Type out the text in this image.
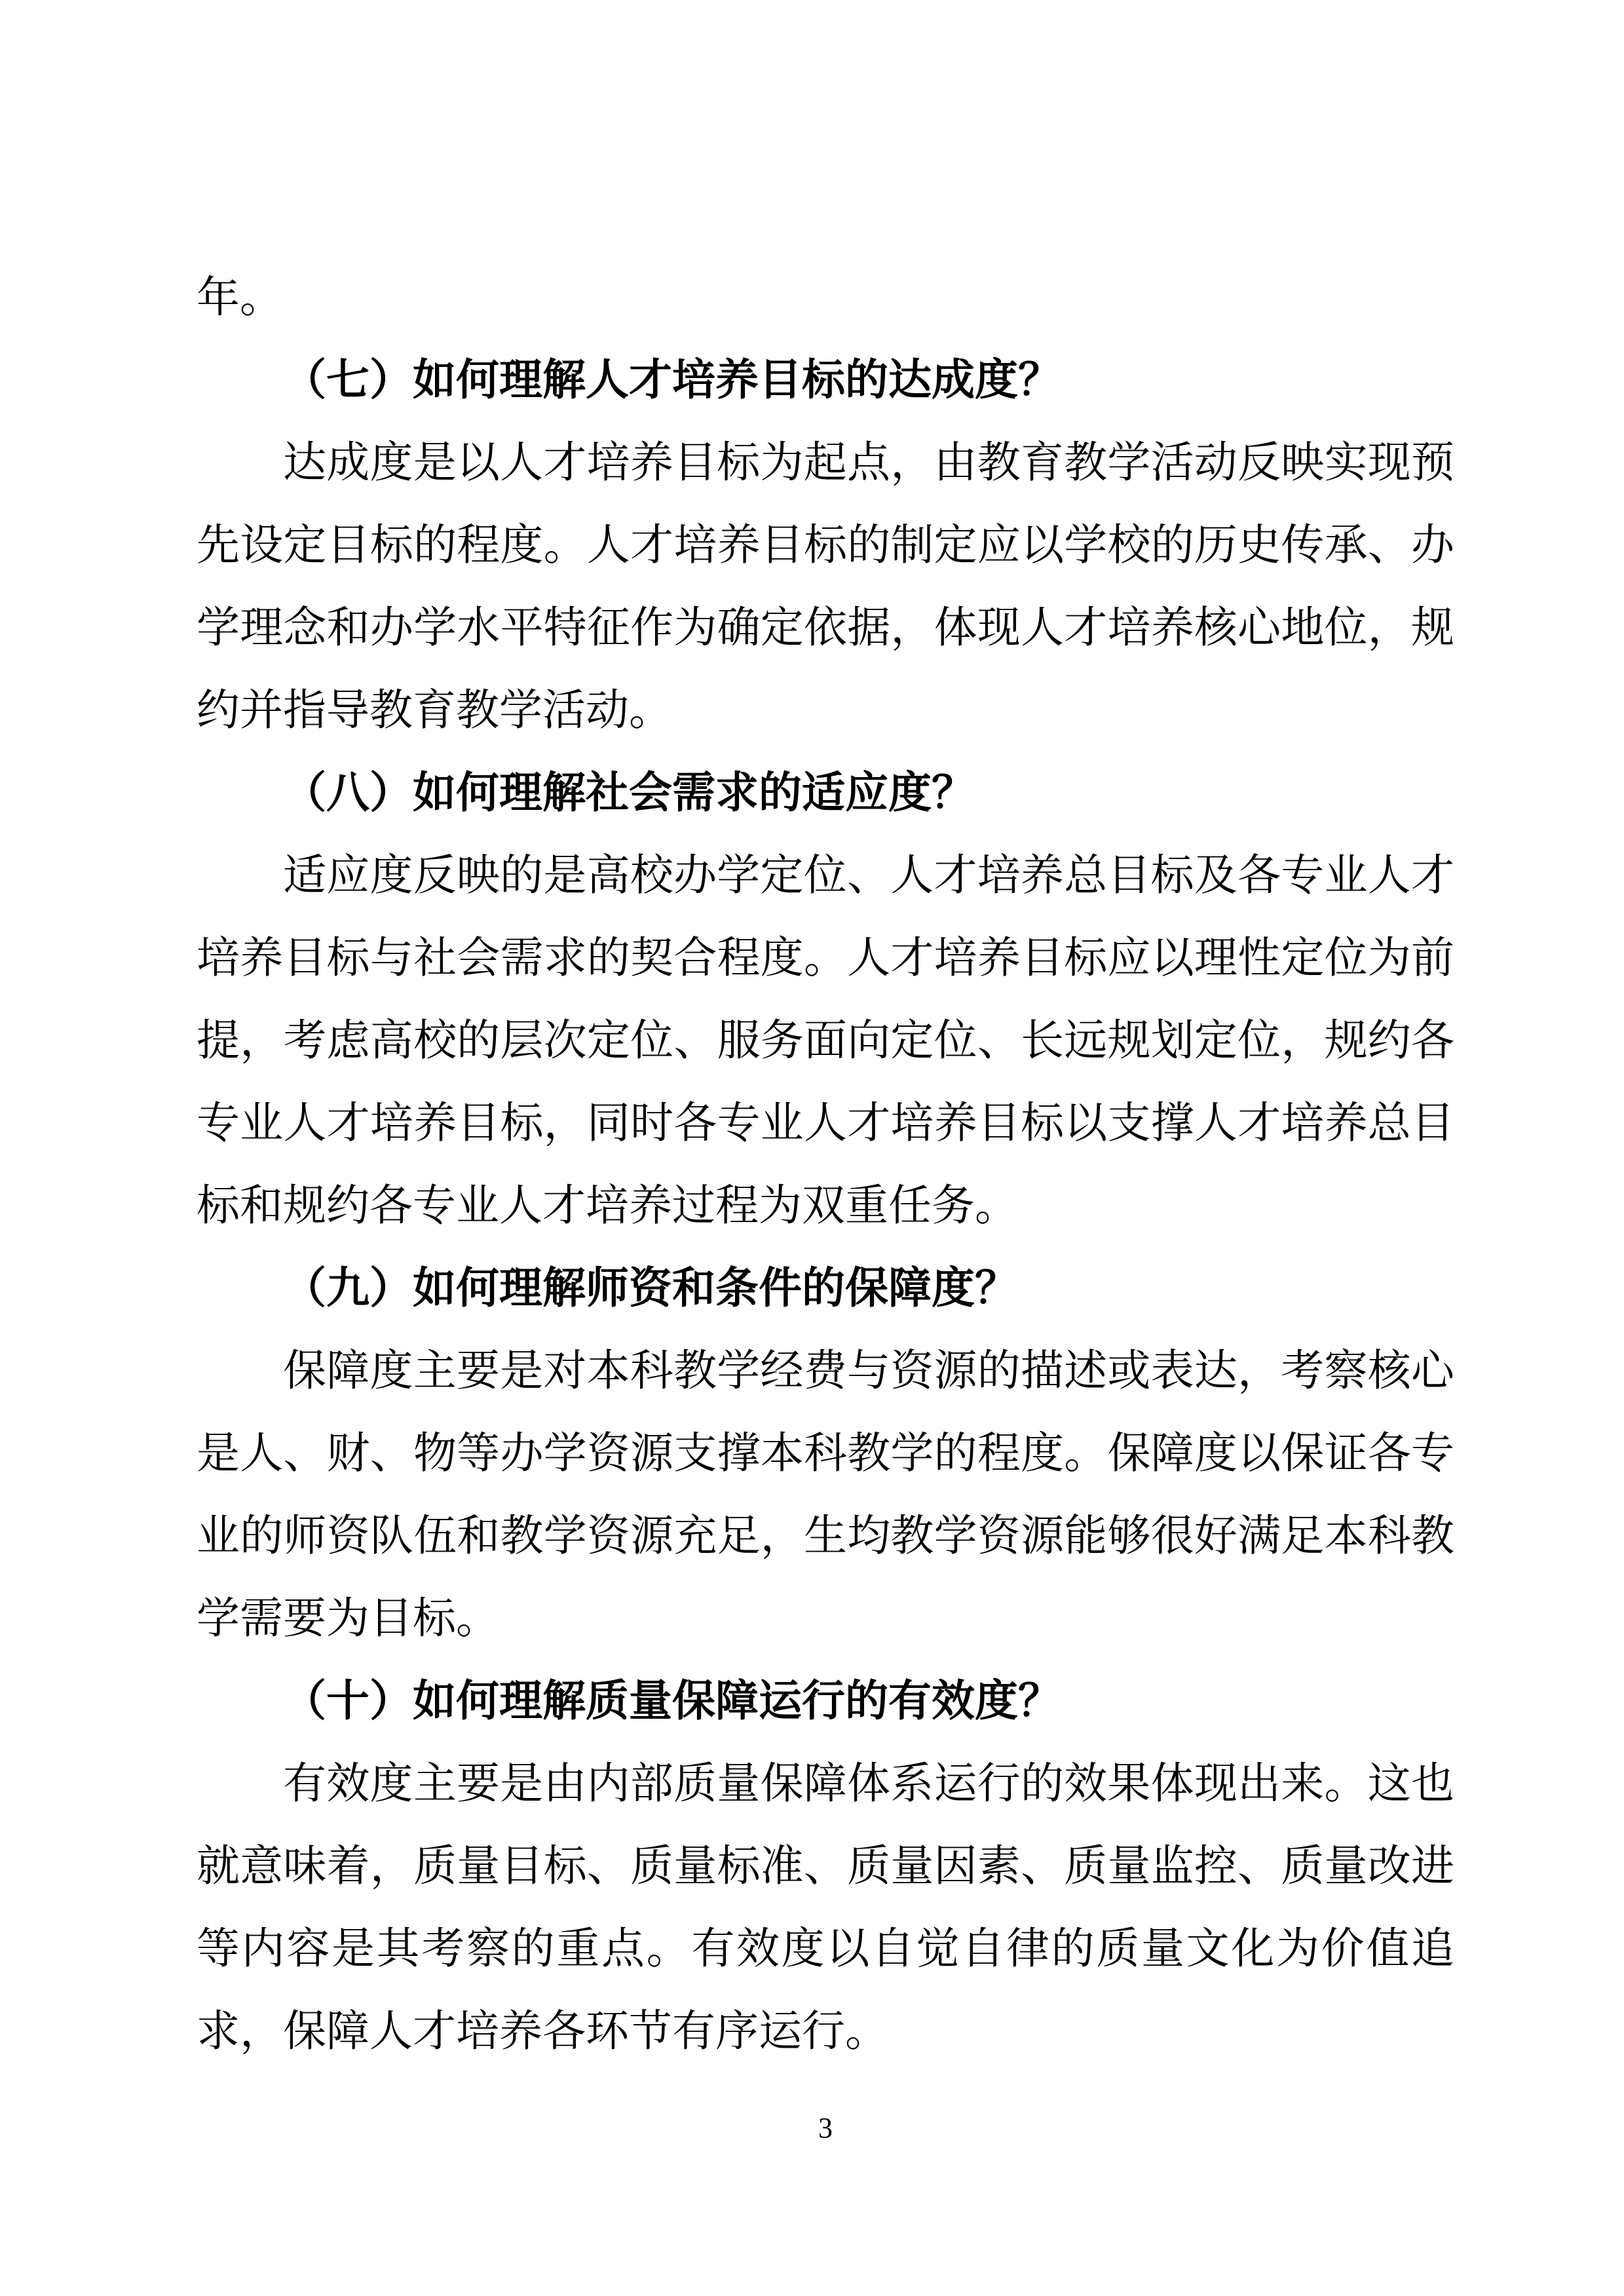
年。

（七）如何理解人才培养目标的达成度？

达成度是以人才培养目标为起点，由教育教学活动反映实现预先设定目标的程度。人才培养目标的制定应以学校的历史传承、办学理念和办学水平特征作为确定依据，体现人才培养核心地位，规约并指导教育教学活动。

（八）如何理解社会需求的适应度？

适应度反映的是高校办学定位、人才培养总目标及各专业人才培养目标与社会需求的契合程度。人才培养目标应以理性定位为前提，考虑高校的层次定位、服务面向定位、长远规划定位，规约各专业人才培养目标，同时各专业人才培养目标以支撑人才培养总目标和规约各专业人才培养过程为双重任务。

（九）如何理解师资和条件的保障度？

保障度主要是对本科教学经费与资源的描述或表达，考察核心是人、财、物等办学资源支撑本科教学的程度。保障度以保证各专业的师资队伍和教学资源充足，生均教学资源能够很好满足本科教学需要为目标。

（十）如何理解质量保障运行的有效度？

有效度主要是由内部质量保障体系运行的效果体现出来。这也就意味着，质量目标、质量标准、质量因素、质量监控、质量改进等内容是其考察的重点。有效度以自觉自律的质量文化为价值追求，保障人才培养各环节有序运行。

3
